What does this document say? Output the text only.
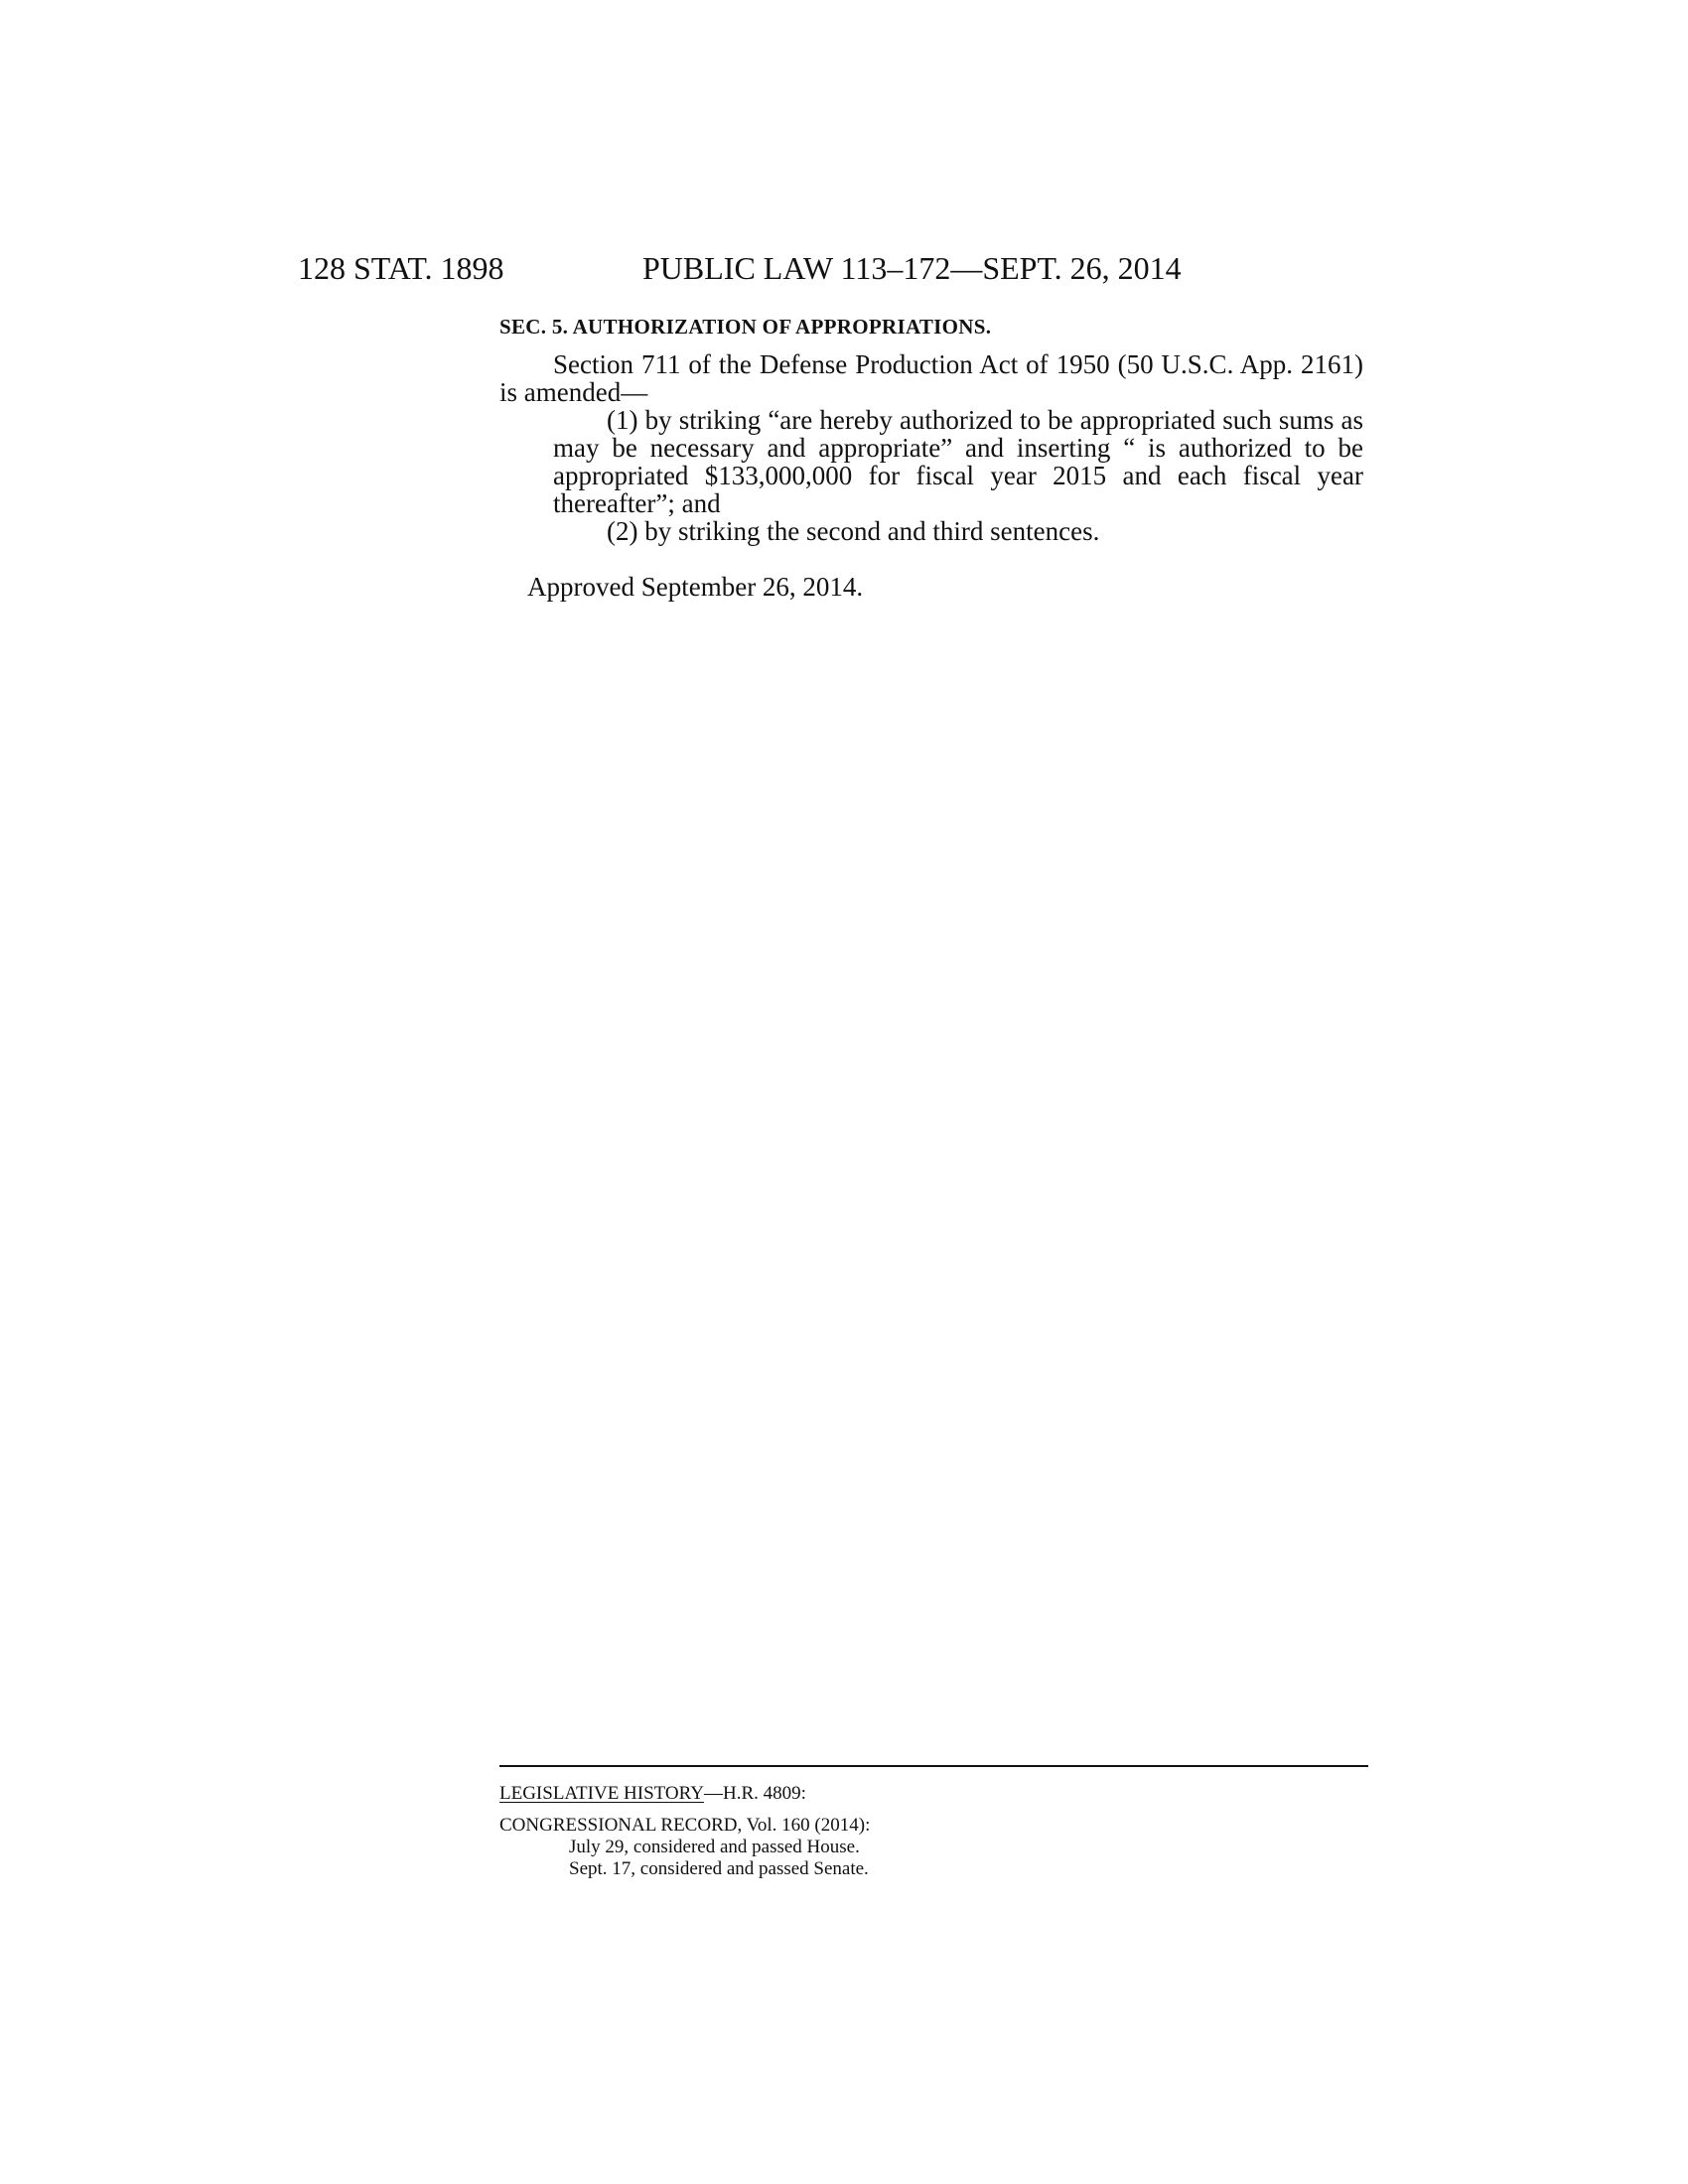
128 STAT. 1898	PUBLIC LAW 113–172—SEPT. 26, 2014
SEC. 5. AUTHORIZATION OF APPROPRIATIONS.

Section 711 of the Defense Production Act of 1950 (50 U.S.C. App. 2161) is amended—

(1) by striking “are hereby authorized to be appropriated such sums as may be necessary and appropriate” and inserting “ is authorized to be appropriated $133,000,000 for fiscal year 2015 and each fiscal year thereafter”; and

(2) by striking the second and third sentences.

Approved September 26, 2014.
LEGISLATIVE HISTORY—H.R. 4809:
CONGRESSIONAL RECORD, Vol. 160 (2014):
July 29, considered and passed House.
Sept. 17, considered and passed Senate.
